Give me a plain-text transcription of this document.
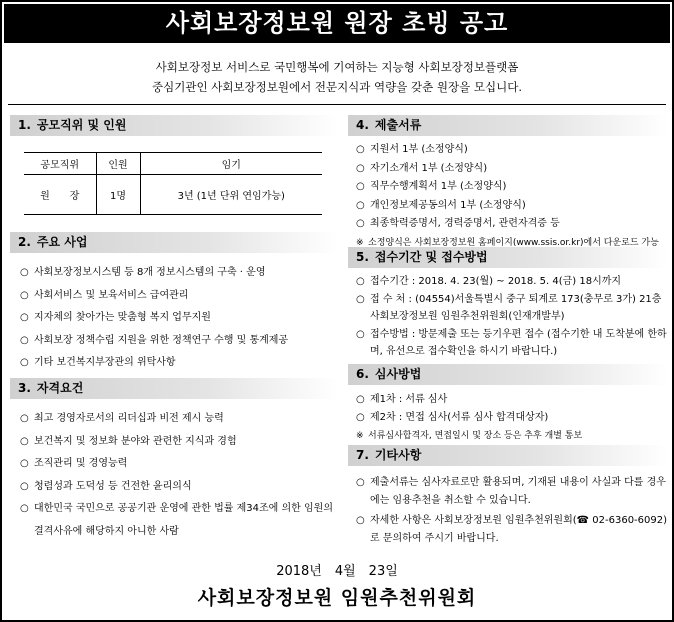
사회보장정보원 원장 초빙 공고
사회보장정보 서비스로 국민행복에 기여하는 지능형 사회보장정보플랫폼
중심기관인 사회보장정보원에서 전문지식과 역량을 갖춘 원장을 모십니다.
1. 공모직위 및 인원
공모직위	인원	임기
원　　장	1명	3년 (1년 단위 연임가능)
2. 주요 사업
○ 사회보장정보시스템 등 8개 정보시스템의 구축 · 운영
○ 사회서비스 및 보육서비스 급여관리
○ 지자체의 찾아가는 맞춤형 복지 업무지원
○ 사회보장 정책수립 지원을 위한 정책연구 수행 및 통계제공
○ 기타 보건복지부장관의 위탁사항
3. 자격요건
○ 최고 경영자로서의 리더십과 비전 제시 능력
○ 보건복지 및 정보화 분야와 관련한 지식과 경험
○ 조직관리 및 경영능력
○ 청렴성과 도덕성 등 건전한 윤리의식
○ 대한민국 국민으로 공공기관 운영에 관한 법률 제34조에 의한 임원의 결격사유에 해당하지 아니한 사람
4. 제출서류
○ 지원서 1부 (소정양식)
○ 자기소개서 1부 (소정양식)
○ 직무수행계획서 1부 (소정양식)
○ 개인정보제공동의서 1부 (소정양식)
○ 최종학력증명서, 경력증명서, 관련자격증 등
※ 소정양식은 사회보장정보원 홈페이지(www.ssis.or.kr)에서 다운로드 가능
5. 접수기간 및 접수방법
○ 접수기간 : 2018. 4. 23(월) ~ 2018. 5. 4(금) 18시까지
○ 접 수 처 : (04554)서울특별시 중구 퇴계로 173(충무로 3가) 21층 사회보장정보원 임원추천위원회(인재개발부)
○ 접수방법 : 방문제출 또는 등기우편 접수 (접수기한 내 도착분에 한하며, 유선으로 접수확인을 하시기 바랍니다.)
6. 심사방법
○ 제1차 : 서류 심사
○ 제2차 : 면접 심사(서류 심사 합격대상자)
※ 서류심사합격자, 면접일시 및 장소 등은 추후 개별 통보
7. 기타사항
○ 제출서류는 심사자료로만 활용되며, 기재된 내용이 사실과 다를 경우에는 임용추천을 취소할 수 있습니다.
○ 자세한 사항은 사회보장정보원 임원추천위원회(☎ 02-6360-6092)로 문의하여 주시기 바랍니다.
2018년　4월　23일
사회보장정보원 임원추천위원회
